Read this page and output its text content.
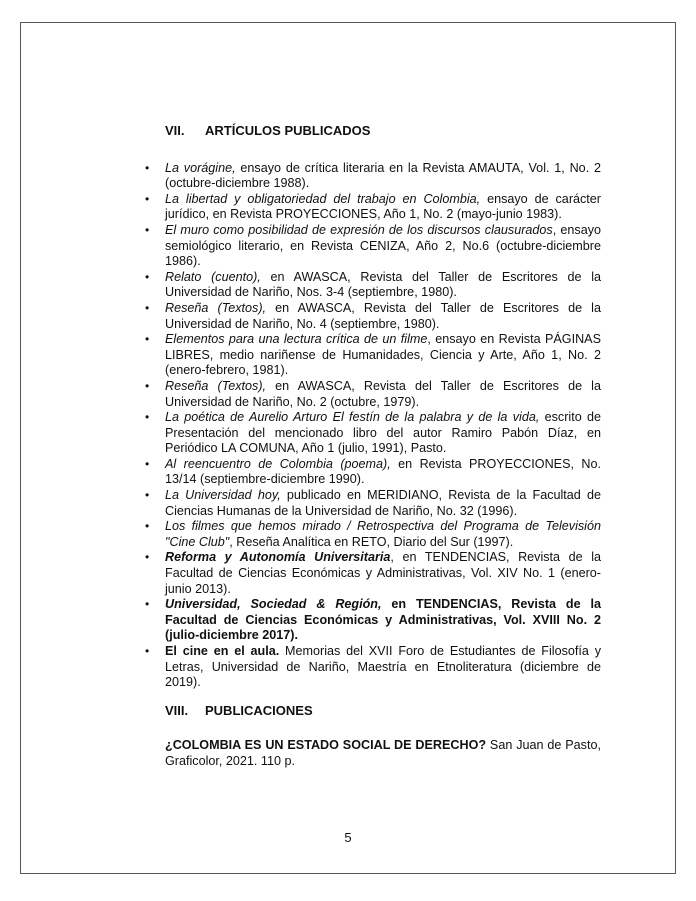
VII.	ARTÍCULOS PUBLICADOS
• La vorágine, ensayo de crítica literaria en la Revista AMAUTA, Vol. 1, No. 2 (octubre-diciembre 1988).
• La libertad y obligatoriedad del trabajo en Colombia, ensayo de carácter jurídico, en Revista PROYECCIONES, Año 1, No. 2 (mayo-junio 1983).
• El muro como posibilidad de expresión de los discursos clausurados, ensayo semiológico literario, en Revista CENIZA, Año 2, No.6 (octubre-diciembre 1986).
• Relato (cuento), en AWASCA, Revista del Taller de Escritores de la Universidad de Nariño, Nos. 3-4 (septiembre, 1980).
• Reseña (Textos), en AWASCA, Revista del Taller de Escritores de la Universidad de Nariño, No. 4 (septiembre, 1980).
• Elementos para una lectura crítica de un filme, ensayo en Revista PÁGINAS LIBRES, medio nariñense de Humanidades, Ciencia y Arte, Año 1, No. 2 (enero-febrero, 1981).
• Reseña (Textos), en AWASCA, Revista del Taller de Escritores de la Universidad de Nariño, No. 2 (octubre, 1979).
• La poética de Aurelio Arturo El festín de la palabra y de la vida, escrito de Presentación del mencionado libro del autor Ramiro Pabón Díaz, en Periódico LA COMUNA, Año 1 (julio, 1991), Pasto.
• Al reencuentro de Colombia (poema), en Revista PROYECCIONES, No. 13/14 (septiembre-diciembre 1990).
• La Universidad hoy, publicado en MERIDIANO, Revista de la Facultad de Ciencias Humanas de la Universidad de Nariño, No. 32 (1996).
• Los filmes que hemos mirado / Retrospectiva del Programa de Televisión "Cine Club", Reseña Analítica en RETO, Diario del Sur (1997).
• Reforma y Autonomía Universitaria, en TENDENCIAS, Revista de la Facultad de Ciencias Económicas y Administrativas, Vol. XIV No. 1 (enero-junio 2013).
• Universidad, Sociedad & Región, en TENDENCIAS, Revista de la Facultad de Ciencias Económicas y Administrativas, Vol. XVIII No. 2 (julio-diciembre 2017).
• El cine en el aula. Memorias del XVII Foro de Estudiantes de Filosofía y Letras, Universidad de Nariño, Maestría en Etnoliteratura (diciembre de 2019).
VIII.	PUBLICACIONES

¿COLOMBIA ES UN ESTADO SOCIAL DE DERECHO? San Juan de Pasto, Graficolor, 2021. 110 p.

5
